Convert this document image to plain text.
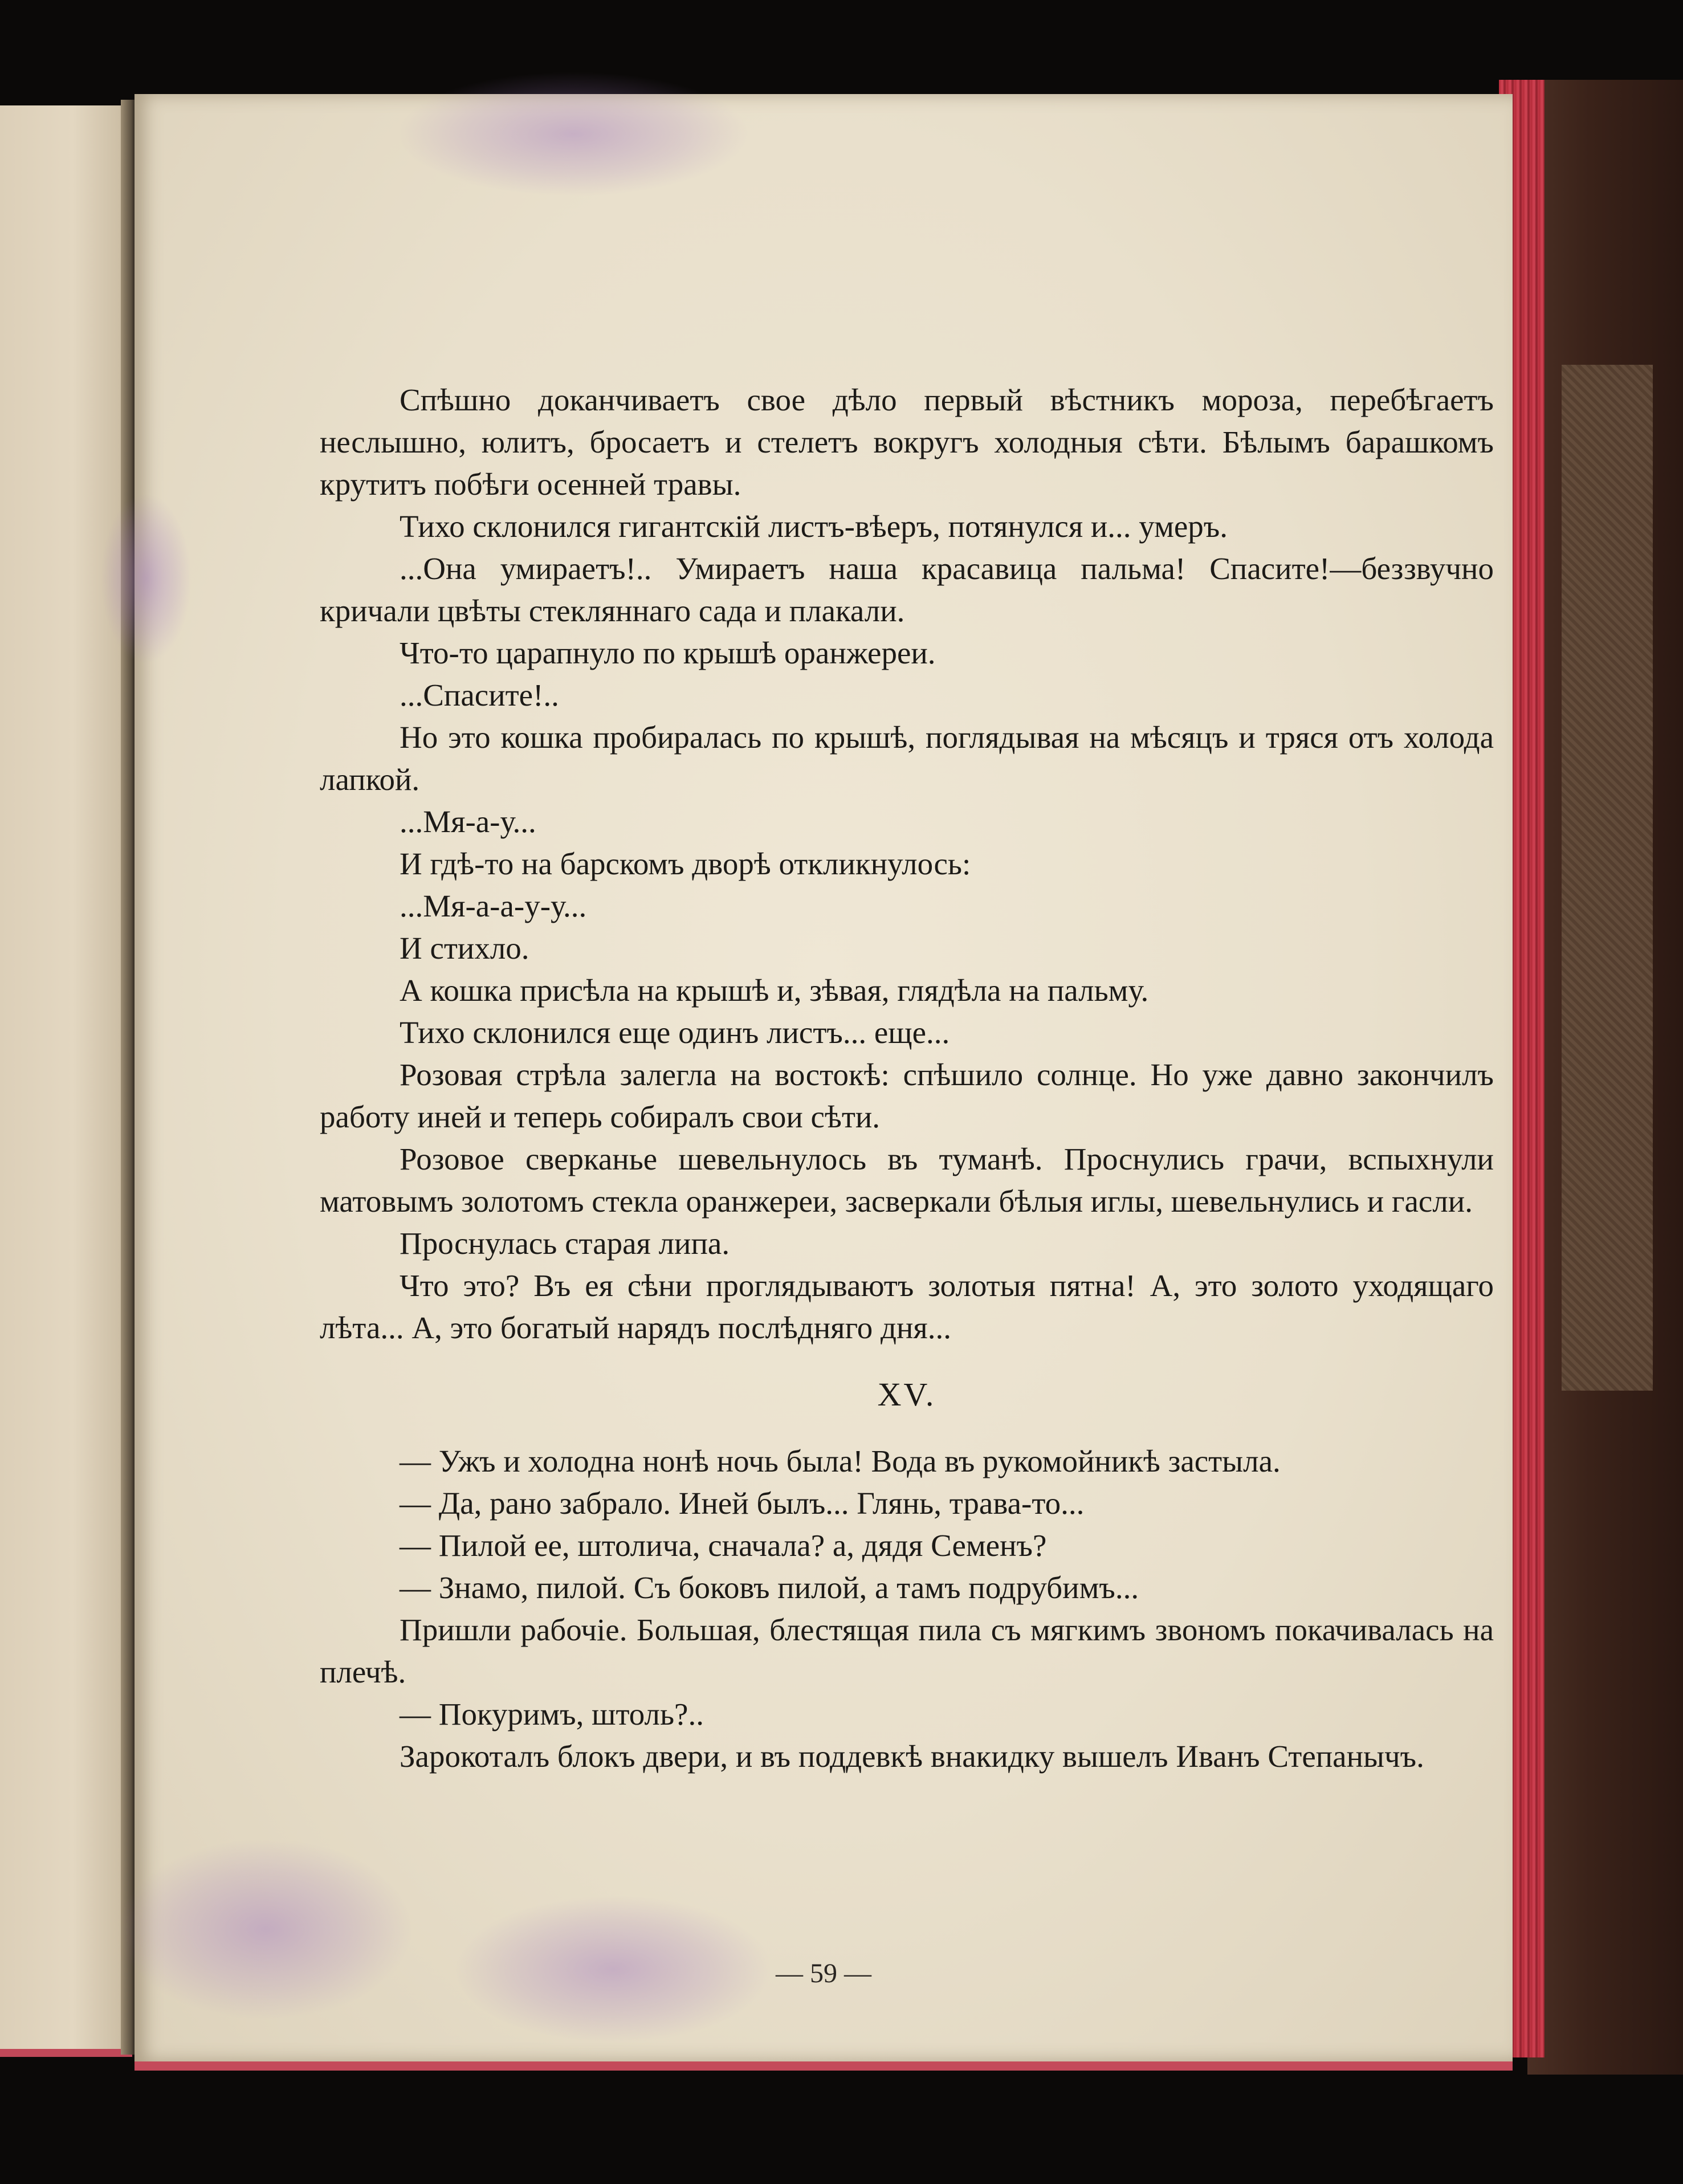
Спѣшно доканчиваетъ свое дѣло первый вѣстникъ мороза, перебѣгаетъ неслышно, юлитъ, бросаетъ и стелетъ вокругъ холодныя сѣти. Бѣлымъ барашкомъ крутитъ побѣги осенней травы.

Тихо склонился гигантскій листъ-вѣеръ, потянулся и... умеръ.

...Она умираетъ!.. Умираетъ наша красавица пальма! Спасите!—беззвучно кричали цвѣты стекляннаго сада и плакали.

Что-то царапнуло по крышѣ оранжереи.

...Спасите!..

Но это кошка пробиралась по крышѣ, поглядывая на мѣсяцъ и тряся отъ холода лапкой.

...Мя-а-у...

И гдѣ-то на барскомъ дворѣ откликнулось:

...Мя-а-а-у-у...

И стихло.

А кошка присѣла на крышѣ и, зѣвая, глядѣла на пальму.

Тихо склонился еще одинъ листъ... еще...

Розовая стрѣла залегла на востокѣ: спѣшило солнце. Но уже давно закончилъ работу иней и теперь собиралъ свои сѣти.

Розовое сверканье шевельнулось въ туманѣ. Проснулись грачи, вспыхнули матовымъ золотомъ стекла оранжереи, засверкали бѣлыя иглы, шевельнулись и гасли.

Проснулась старая липа.

Что это? Въ ея сѣни проглядываютъ золотыя пятна! А, это золото уходящаго лѣта... А, это богатый нарядъ послѣдняго дня...

XV.

— Ужъ и холодна нонѣ ночь была! Вода въ рукомойникѣ застыла.

— Да, рано забрало. Иней былъ... Глянь, трава-то...

— Пилой ее, штолича, сначала? а, дядя Семенъ?

— Знамо, пилой. Съ боковъ пилой, а тамъ подрубимъ...

Пришли рабочіе. Большая, блестящая пила съ мягкимъ звономъ покачивалась на плечѣ.

— Покуримъ, штоль?..

Зарокоталъ блокъ двери, и въ поддевкѣ внакидку вышелъ Иванъ Степанычъ.

— 59 —
